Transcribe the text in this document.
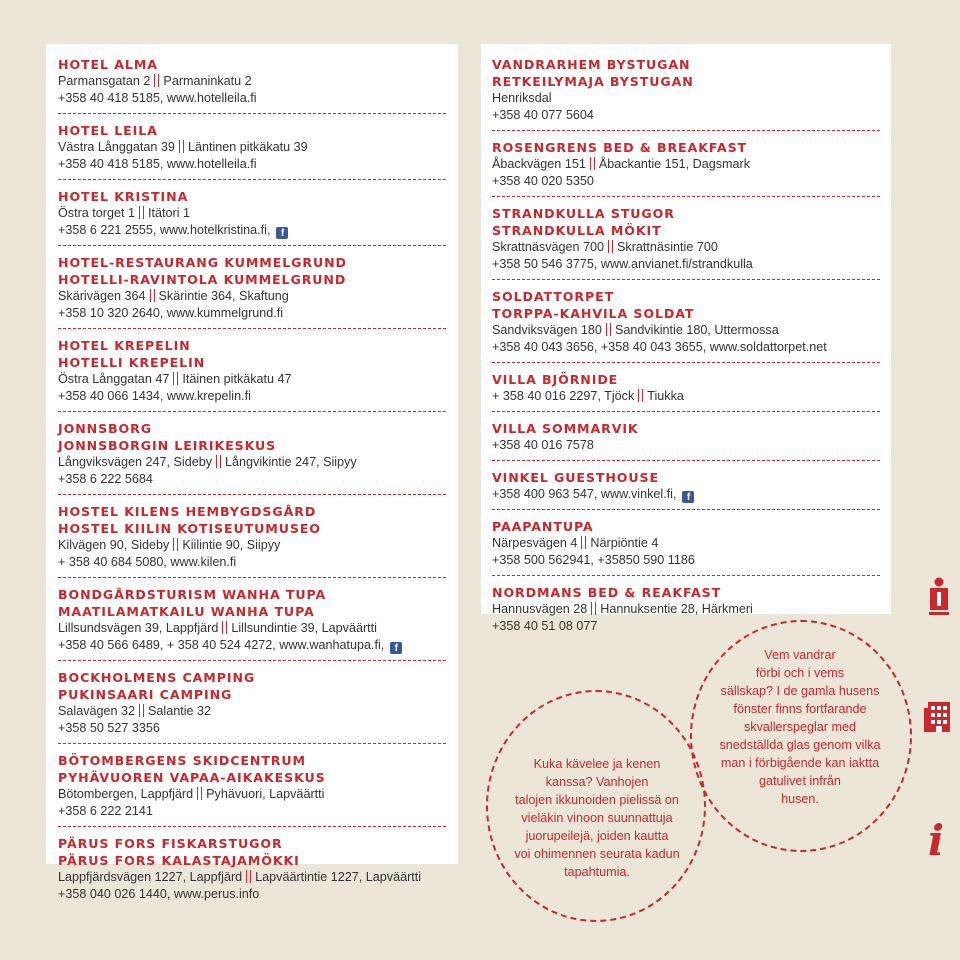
HOTEL ALMA
Parmansgatan 2 Parmaninkatu 2
+358 40 418 5185, www.hotelleila.fi
HOTEL LEILA
Västra Långgatan 39 Läntinen pitkäkatu 39
+358 40 418 5185, www.hotelleila.fi
HOTEL KRISTINA
Östra torget 1 Itätori 1
+358 6 221 2555, www.hotelkristina.fi, f
HOTEL-RESTAURANG KUMMELGRUND
HOTELLI-RAVINTOLA KUMMELGRUND
Skärivägen 364 Skärintie 364, Skaftung
+358 10 320 2640, www.kummelgrund.fi
HOTEL KREPELIN
HOTELLI KREPELIN
Östra Långgatan 47 Itäinen pitkäkatu 47
+358 40 066 1434, www.krepelin.fi
JONNSBORG
JONNSBORGIN LEIRIKESKUS
Långviksvägen 247, Sideby Långvikintie 247, Siipyy
+358 6 222 5684
HOSTEL KILENS HEMBYGDSGÅRD
HOSTEL KIILIN KOTISEUTUMUSEO
Kilvägen 90, Sideby Kiilintie 90, Siipyy
+ 358 40 684 5080, www.kilen.fi
BONDGÅRDSTURISM WANHA TUPA
MAATILAMATKAILU WANHA TUPA
Lillsundsvägen 39, Lappfjärd Lillsundintie 39, Lapväärtti
+358 40 566 6489, + 358 40 524 4272, www.wanhatupa.fi, f
BOCKHOLMENS CAMPING
PUKINSAARI CAMPING
Salavägen 32 Salantie 32
+358 50 527 3356
BÖTOMBERGENS SKIDCENTRUM
PYHÄVUOREN VAPAA-AIKAKESKUS
Bötombergen, Lappfjärd Pyhävuori, Lapväärtti
+358 6 222 2141
PÄRUS FORS FISKARSTUGOR
PÄRUS FORS KALASTAJAMÖKKI
Lappfjärdsvägen 1227, Lappfjärd Lapväärtintie 1227, Lapväärtti
+358 040 026 1440, www.perus.info
VANDRARHEM BYSTUGAN
RETKEILYMAJA BYSTUGAN
Henriksdal
+358 40 077 5604
ROSENGRENS BED & BREAKFAST
Åbackvägen 151 Åbackantie 151, Dagsmark
+358 40 020 5350
STRANDKULLA STUGOR
STRANDKULLA MÖKIT
Skrattnäsvägen 700 Skrattnäsintie 700
+358 50 546 3775, www.anvianet.fi/strandkulla
SOLDATTORPET
TORPPA-KAHVILA SOLDAT
Sandviksvägen 180 Sandvikintie 180, Uttermossa
+358 40 043 3656, +358 40 043 3655, www.soldattorpet.net
VILLA BJÖRNIDE
+ 358 40 016 2297, Tjöck Tiukka
VILLA SOMMARVIK
+358 40 016 7578
VINKEL GUESTHOUSE
+358 400 963 547, www.vinkel.fi, f
PAAPANTUPA
Närpesvägen 4 Närpiöntie 4
+358 500 562941, +35850 590 1186
NORDMANS BED & REAKFAST
Hannusvägen 28 Hannuksentie 28, Härkmeri
+358 40 51 08 077
Kuka kävelee ja kenen
kanssa? Vanhojen
talojen ikkunoiden pielissä on
vieläkin vinoon suunnattuja
juorupeilejä, joiden kautta
voi ohimennen seurata kadun
tapahtumia.
Vem vandrar
förbi och i vems
sällskap? I de gamla husens
fönster finns fortfarande
skvallerspeglar med
snedställda glas genom vilka
man i förbigående kan iaktta
gatulivet infrån
husen.
i
